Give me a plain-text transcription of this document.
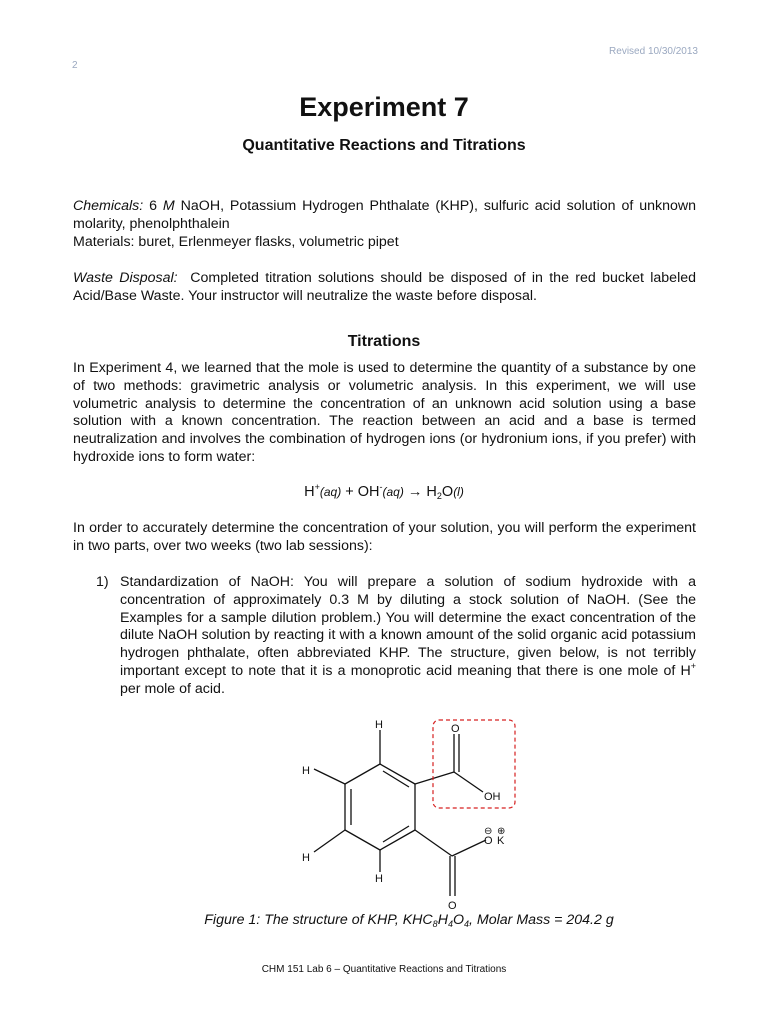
Revised 10/30/2013
2
Experiment 7
Quantitative Reactions and Titrations

Chemicals: 6 M NaOH, Potassium Hydrogen Phthalate (KHP), sulfuric acid solution of unknown molarity, phenolphthalein

Materials: buret, Erlenmeyer flasks, volumetric pipet

Waste Disposal: Completed titration solutions should be disposed of in the red bucket labeled Acid/Base Waste. Your instructor will neutralize the waste before disposal.

Titrations

In Experiment 4, we learned that the mole is used to determine the quantity of a substance by one of two methods: gravimetric analysis or volumetric analysis. In this experiment, we will use volumetric analysis to determine the concentration of an unknown acid solution using a base solution with a known concentration. The reaction between an acid and a base is termed neutralization and involves the combination of hydrogen ions (or hydronium ions, if you prefer) with hydroxide ions to form water:

$H^+(aq) + OH^-(aq) \to H_2O(l)$

In order to accurately determine the concentration of your solution, you will perform the experiment in two parts, over two weeks (two lab sessions):

1) Standardization of NaOH: You will prepare a solution of sodium hydroxide with a concentration of approximately 0.3 M by diluting a stock solution of NaOH. (See the Examples for a sample dilution problem.) You will determine the exact concentration of the dilute NaOH solution by reacting it with a known amount of the solid organic acid potassium hydrogen phthalate, often abbreviated KHP. The structure, given below, is not terribly important except to note that it is a monoprotic acid meaning that there is one mole of H+ per mole of acid.

H
H
H
H
O
OH
⊖ ⊕
O K
O
Figure 1: The structure of KHP, $KHC_8H_4O_4$, Molar Mass = 204.2 g
CHM 151 Lab 6 – Quantitative Reactions and Titrations
